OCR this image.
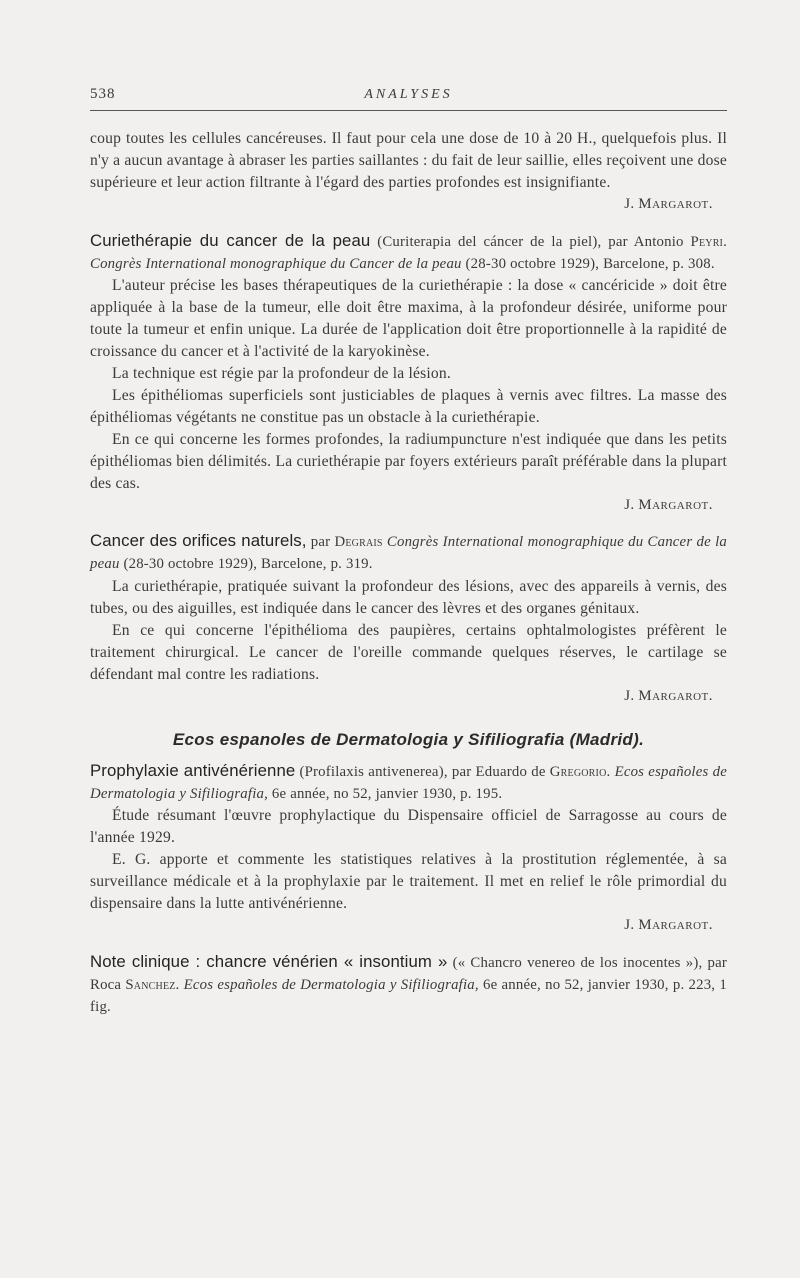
538	ANALYSES

coup toutes les cellules cancéreuses. Il faut pour cela une dose de 10 à 20 H., quelquefois plus. Il n'y a aucun avantage à abraser les parties saillantes : du fait de leur saillie, elles reçoivent une dose supérieure et leur action filtrante à l'égard des parties profondes est insignifiante.

J. Margarot.

Curiethérapie du cancer de la peau (Curiterapia del cáncer de la piel), par Antonio Peyri. Congrès International monographique du Cancer de la peau (28-30 octobre 1929), Barcelone, p. 308.

L'auteur précise les bases thérapeutiques de la curiethérapie : la dose « cancéricide » doit être appliquée à la base de la tumeur, elle doit être maxima, à la profondeur désirée, uniforme pour toute la tumeur et enfin unique. La durée de l'application doit être proportionnelle à la rapidité de croissance du cancer et à l'activité de la karyokinèse.

La technique est régie par la profondeur de la lésion.

Les épithéliomas superficiels sont justiciables de plaques à vernis avec filtres. La masse des épithéliomas végétants ne constitue pas un obstacle à la curiethérapie.

En ce qui concerne les formes profondes, la radiumpuncture n'est indiquée que dans les petits épithéliomas bien délimités. La curiethérapie par foyers extérieurs paraît préférable dans la plupart des cas.

J. Margarot.

Cancer des orifices naturels, par Degrais Congrès International monographique du Cancer de la peau (28-30 octobre 1929), Barcelone, p. 319.

La curiethérapie, pratiquée suivant la profondeur des lésions, avec des appareils à vernis, des tubes, ou des aiguilles, est indiquée dans le cancer des lèvres et des organes génitaux.

En ce qui concerne l'épithélioma des paupières, certains ophtalmologistes préfèrent le traitement chirurgical. Le cancer de l'oreille commande quelques réserves, le cartilage se défendant mal contre les radiations.

J. Margarot.

Ecos espanoles de Dermatologia y Sifiliografia (Madrid).

Prophylaxie antivénérienne (Profilaxis antivenerea), par Eduardo de Gregorio. Ecos españoles de Dermatologia y Sifiliografia, 6e année, no 52, janvier 1930, p. 195.

Étude résumant l'œuvre prophylactique du Dispensaire officiel de Sarragosse au cours de l'année 1929.

E. G. apporte et commente les statistiques relatives à la prostitution réglementée, à sa surveillance médicale et à la prophylaxie par le traitement. Il met en relief le rôle primordial du dispensaire dans la lutte antivénérienne.

J. Margarot.

Note clinique : chancre vénérien « insontium » (« Chancro venereo de los inocentes »), par Roca Sanchez. Ecos españoles de Dermatologia y Sifiliografia, 6e année, no 52, janvier 1930, p. 223, 1 fig.
